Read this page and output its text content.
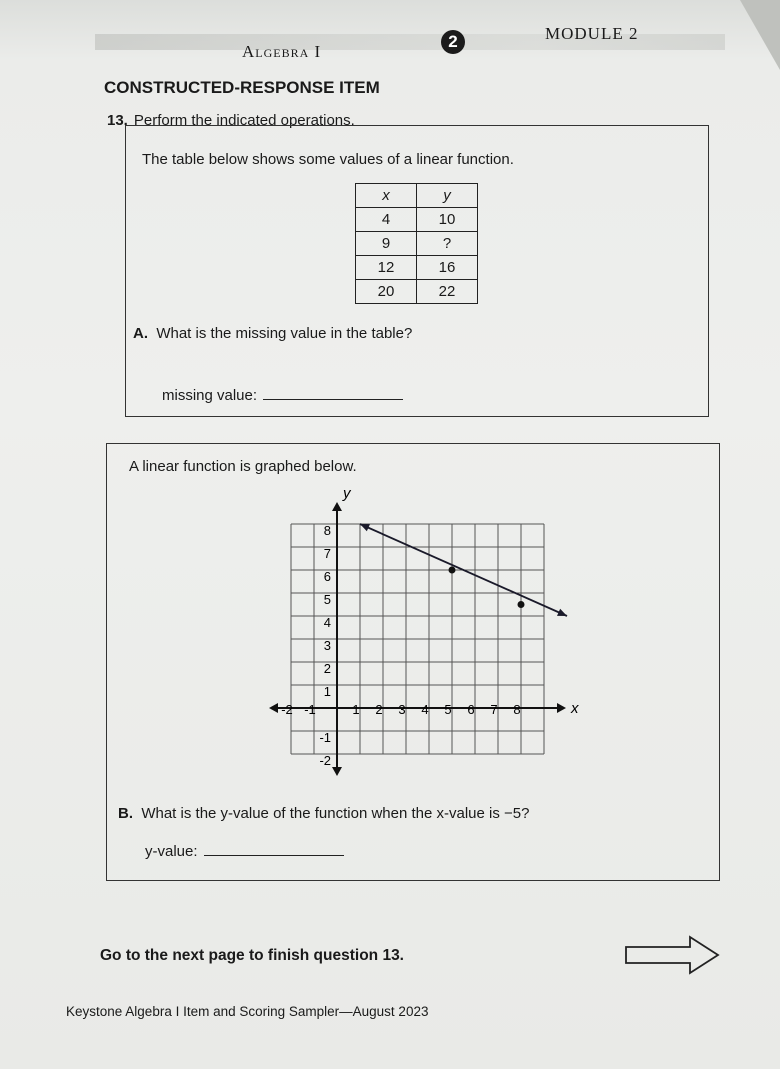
Algebra I
2	MODULE 2
CONSTRUCTED-RESPONSE ITEM
13. Perform the indicated operations.
The table below shows some values of a linear function.
x	y
4	10
9	?
12	16
20	22
A. What is the missing value in the table?
missing value:
A linear function is graphed below.
x
y
-2 -1	1 2 3 4 5 6 7 8
8
7
6
5
4
3
2
1
-1
-2
B. What is the y-value of the function when the x-value is −5?
y-value:
Go to the next page to finish question 13.
Keystone Algebra I Item and Scoring Sampler—August 2023
